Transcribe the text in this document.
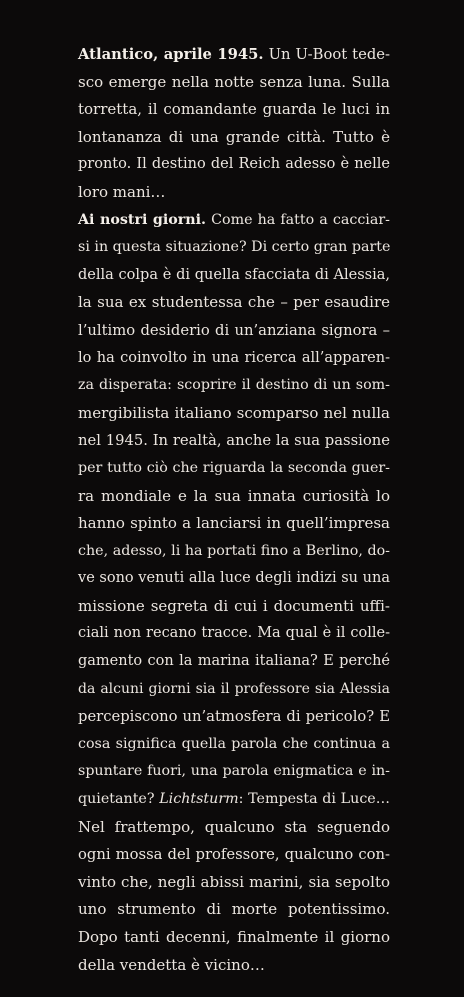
Atlantico, aprile 1945. Un U-Boot tede-
sco emerge nella notte senza luna. Sulla
torretta, il comandante guarda le luci in
lontananza di una grande città. Tutto è
pronto. Il destino del Reich adesso è nelle
loro mani…
Ai nostri giorni. Come ha fatto a cacciar-
si in questa situazione? Di certo gran parte
della colpa è di quella sfacciata di Alessia,
la sua ex studentessa che – per esaudire
l’ultimo desiderio di un’anziana signora –
lo ha coinvolto in una ricerca all’apparen-
za disperata: scoprire il destino di un som-
mergibilista italiano scomparso nel nulla
nel 1945. In realtà, anche la sua passione
per tutto ciò che riguarda la seconda guer-
ra mondiale e la sua innata curiosità lo
hanno spinto a lanciarsi in quell’impresa
che, adesso, li ha portati fino a Berlino, do-
ve sono venuti alla luce degli indizi su una
missione segreta di cui i documenti uffi-
ciali non recano tracce. Ma qual è il colle-
gamento con la marina italiana? E perché
da alcuni giorni sia il professore sia Alessia
percepiscono un’atmosfera di pericolo? E
cosa significa quella parola che continua a
spuntare fuori, una parola enigmatica e in-
quietante? Lichtsturm: Tempesta di Luce…
Nel frattempo, qualcuno sta seguendo
ogni mossa del professore, qualcuno con-
vinto che, negli abissi marini, sia sepolto
uno strumento di morte potentissimo.
Dopo tanti decenni, finalmente il giorno
della vendetta è vicino…
